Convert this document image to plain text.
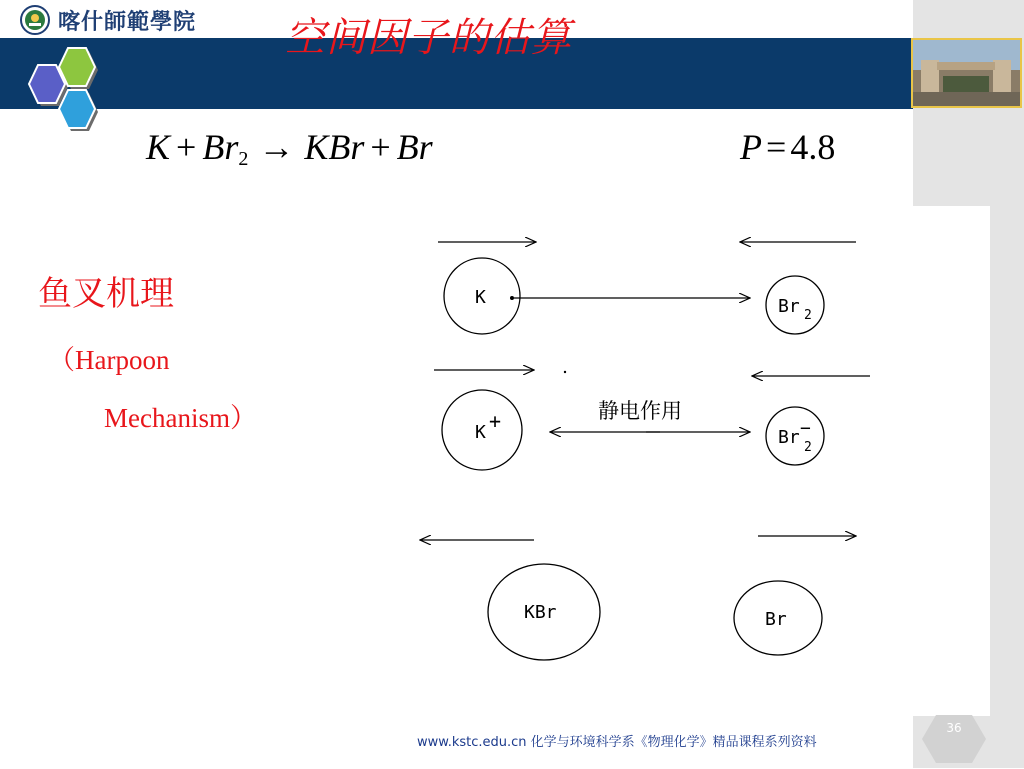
喀什師範學院 空间因子的估算
$K + Br_2$ → KBr + Br	P = 4.8
鱼叉机理
（Harpoon
Mechanism）
K	Br 2
K +	静电作用
Br 2
−
KBr	Br
www.kstc.edu.cn 化学与环境科学系《物理化学》精品课程系列资料
36
